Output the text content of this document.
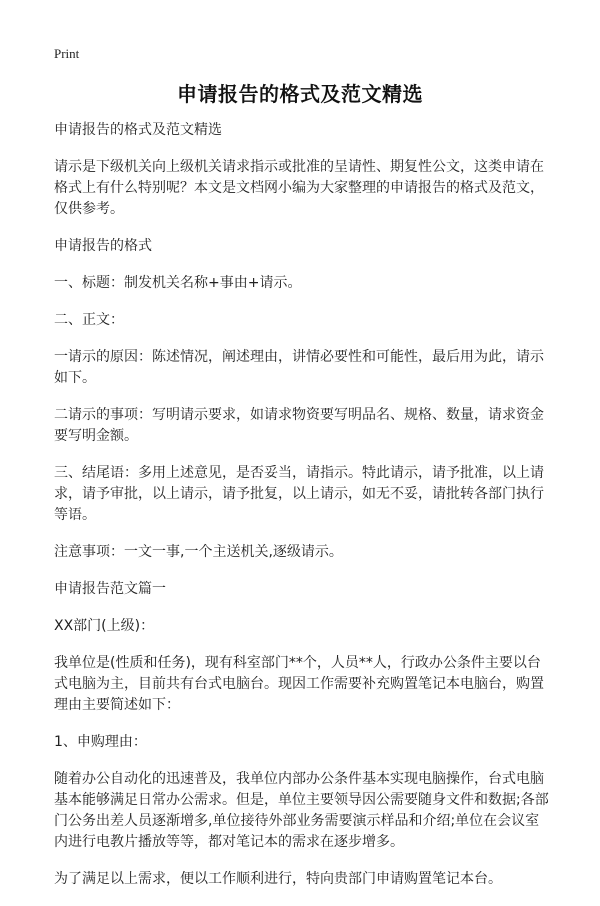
Print
申请报告的格式及范文精选

申请报告的格式及范文精选

请示是下级机关向上级机关请求指示或批准的呈请性、期复性公文，这类申请在格式上有什么特别呢？本文是文档网小编为大家整理的申请报告的格式及范文，仅供参考。

申请报告的格式

一、标题：制发机关名称+事由+请示。

二、正文：

一请示的原因：陈述情况，阐述理由，讲情必要性和可能性，最后用为此，请示如下。

二请示的事项：写明请示要求，如请求物资要写明品名、规格、数量，请求资金要写明金额。

三、结尾语：多用上述意见，是否妥当，请指示。特此请示，请予批准，以上请求，请予审批，以上请示，请予批复，以上请示，如无不妥，请批转各部门执行等语。

注意事项：一文一事,一个主送机关,逐级请示。

申请报告范文篇一

XX部门(上级)：

我单位是(性质和任务)，现有科室部门**个，人员**人，行政办公条件主要以台式电脑为主，目前共有台式电脑台。现因工作需要补充购置笔记本电脑台，购置理由主要简述如下：

1、申购理由：

随着办公自动化的迅速普及，我单位内部办公条件基本实现电脑操作，台式电脑基本能够满足日常办公需求。但是，单位主要领导因公需要随身文件和数据;各部门公务出差人员逐渐增多,单位接待外部业务需要演示样品和介绍;单位在会议室内进行电教片播放等等，都对笔记本的需求在逐步增多。

为了满足以上需求，便以工作顺利进行，特向贵部门申请购置笔记本台。
